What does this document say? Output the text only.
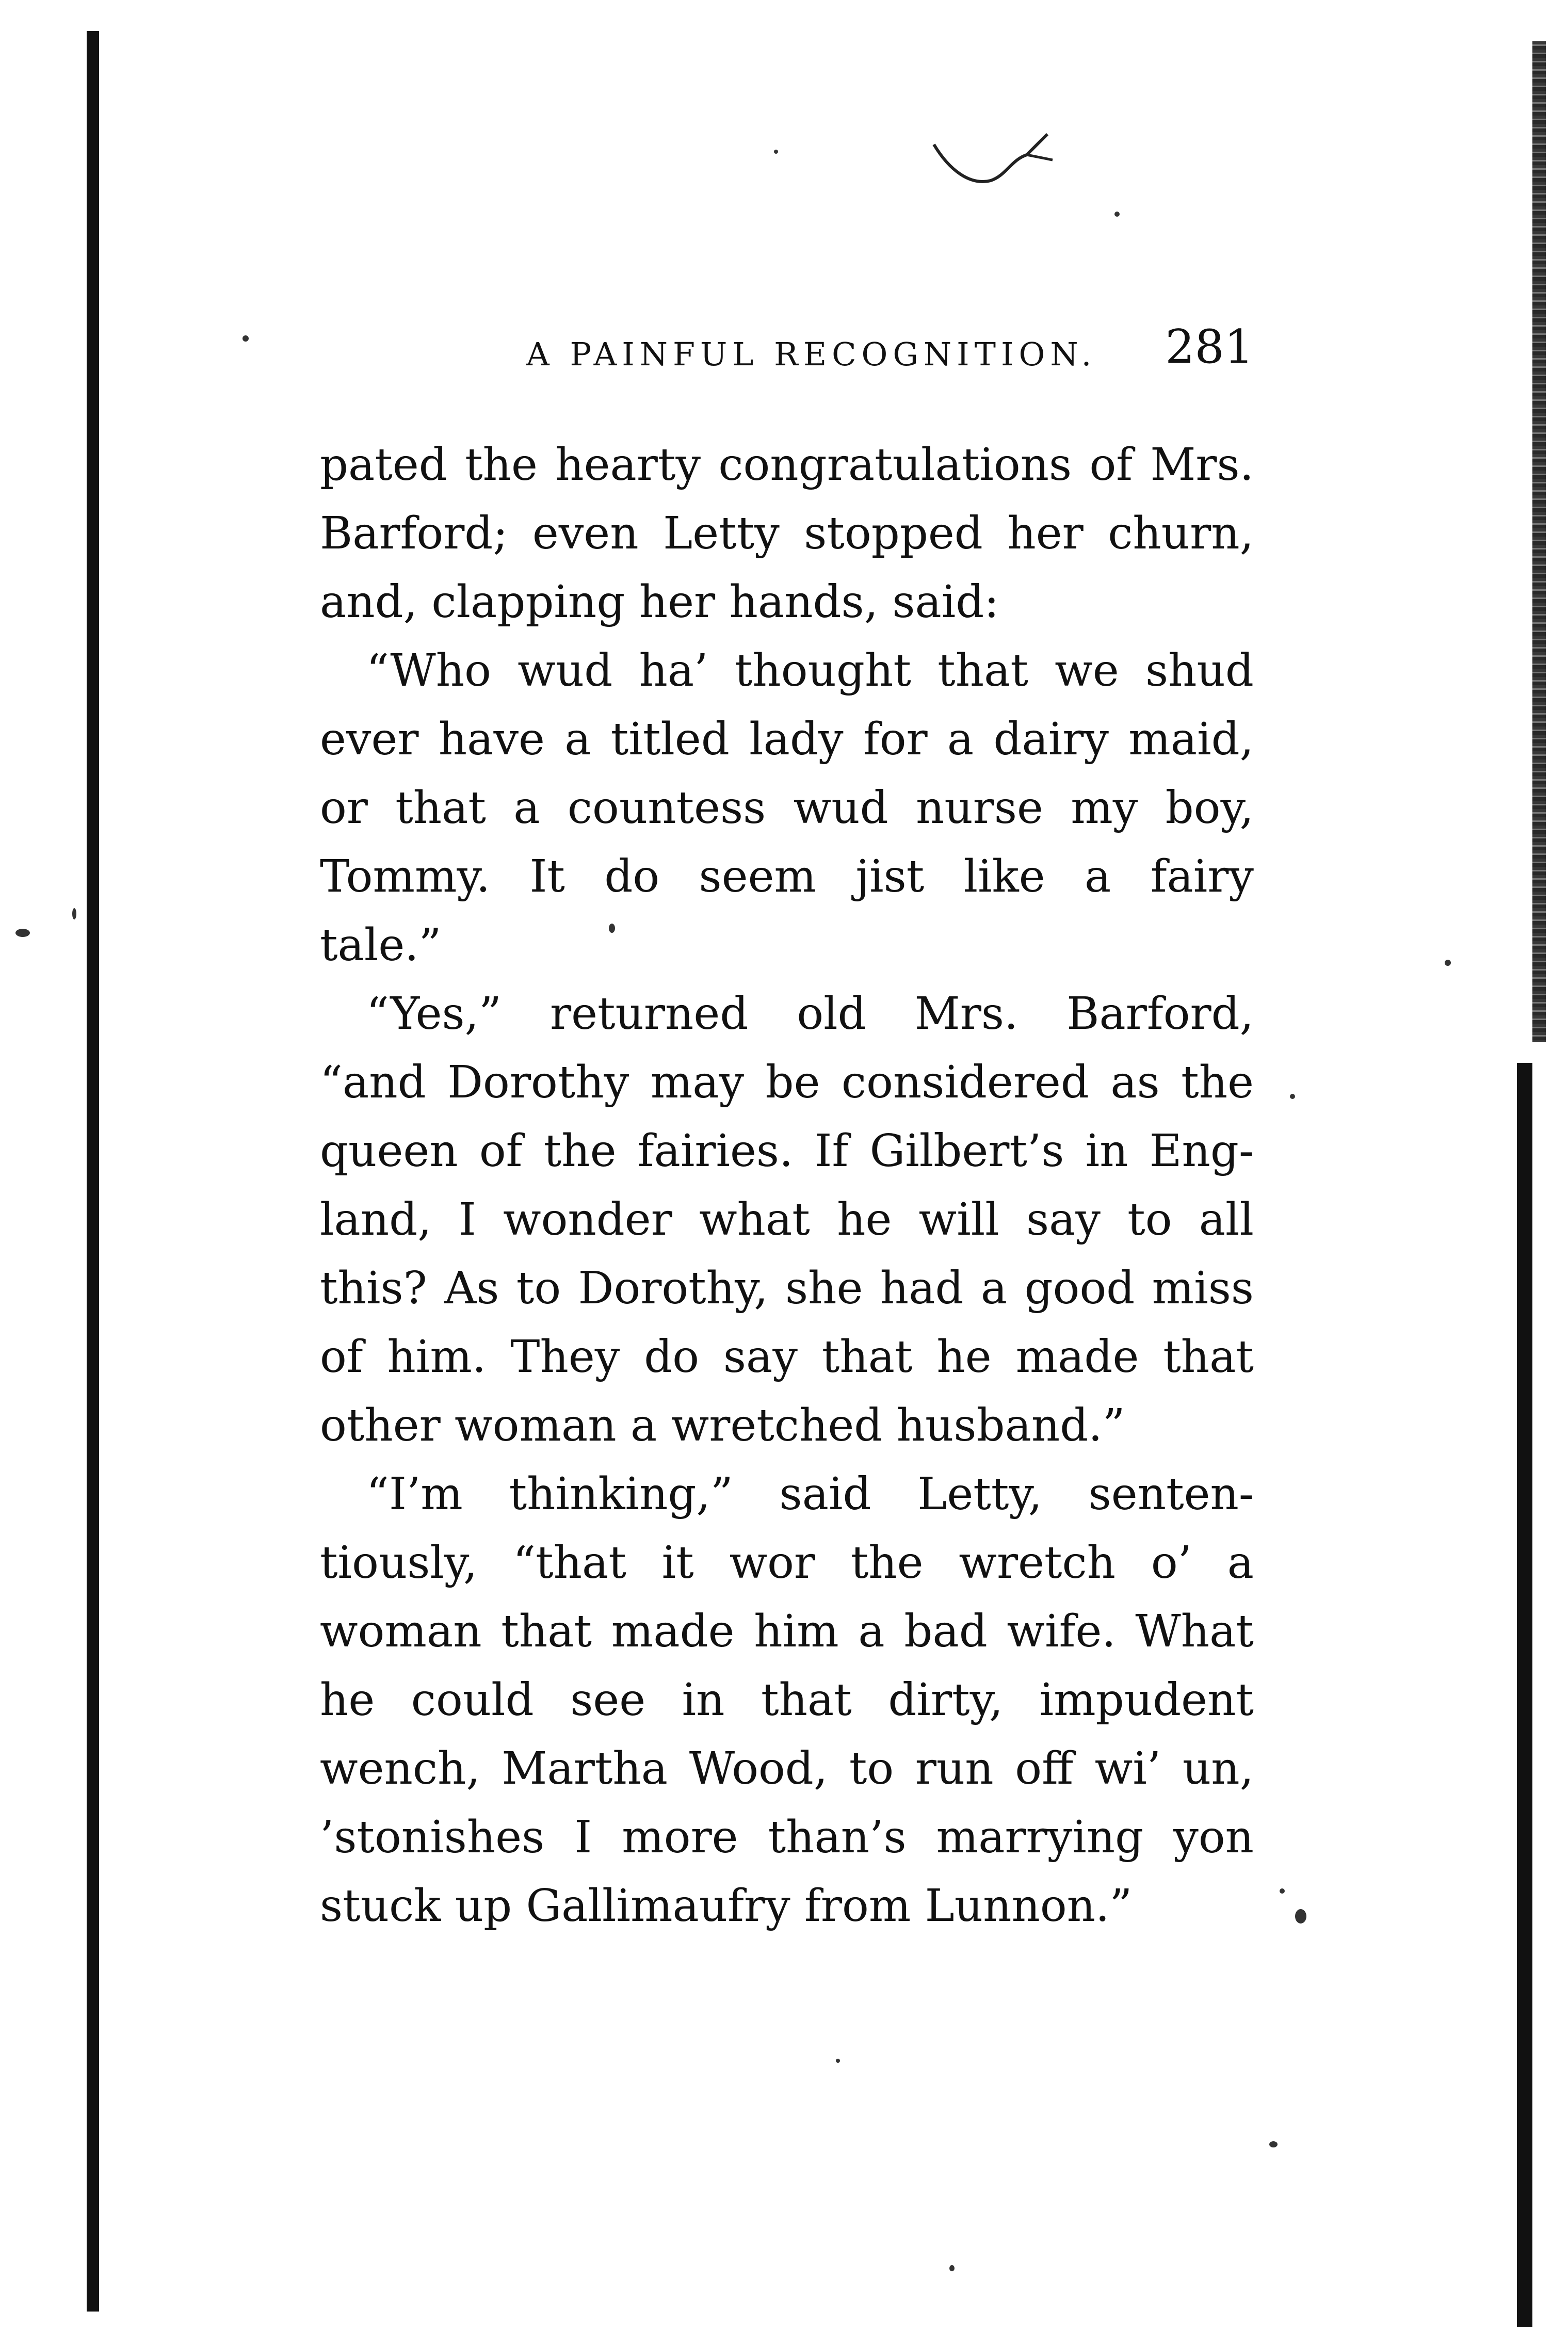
A PAINFUL RECOGNITION. 281
pated the hearty congratulations of Mrs.
Barford; even Letty stopped her churn,
and, clapping her hands, said:
“Who wud ha’ thought that we shud
ever have a titled lady for a dairy maid,
or that a countess wud nurse my boy,
Tommy. It do seem jist like a fairy
tale.”
“Yes,” returned old Mrs. Barford,
“and Dorothy may be considered as the
queen of the fairies. If Gilbert’s in Eng-
land, I wonder what he will say to all
this? As to Dorothy, she had a good miss
of him. They do say that he made that
other woman a wretched husband.”
“I’m thinking,” said Letty, senten-
tiously, “that it wor the wretch o’ a
woman that made him a bad wife. What
he could see in that dirty, impudent
wench, Martha Wood, to run off wi’ un,
’stonishes I more than’s marrying yon
stuck up Gallimaufry from Lunnon.”
